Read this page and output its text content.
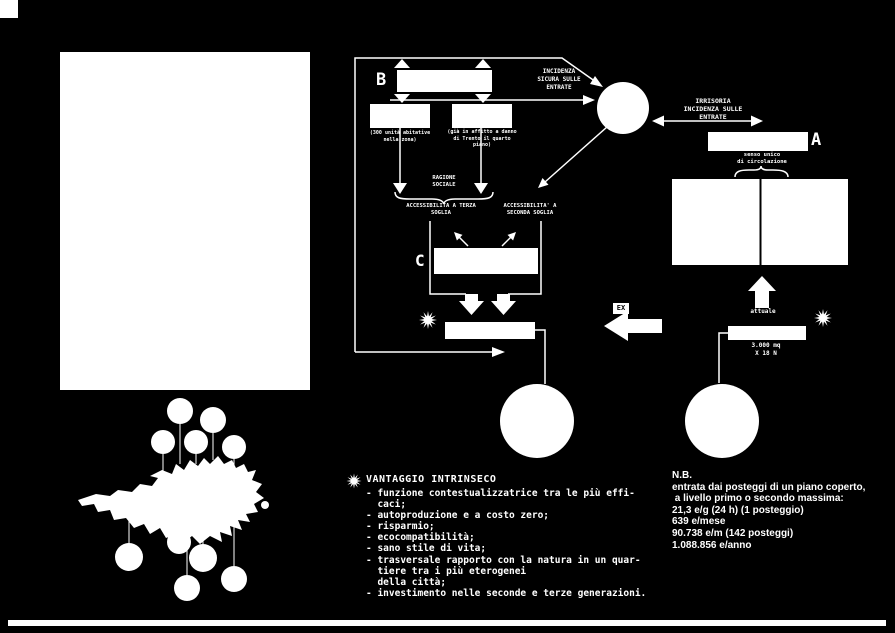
B
C
A
INCIDENZA
SICURA SULLE
ENTRATE
(300 unità abitative
nella zona)
(già in affitto a danno
di Trento il quarto
piano)
RAGIONE
SOCIALE
ACCESSIBILITA A TERZA
SOGLIA
ACCESSIBILITA' A
SECONDA SOGLIA
IRRISORIA
INCIDENZA SULLE
ENTRATE
senso unico
di circolazione
attuale
3.000 mq
X 18 N
EX
VANTAGGIO INTRINSECO
- funzione contestualizzatrice tra le più effi-
caci;
- autoproduzione e a costo zero;
- risparmio;
- ecocompatibilità;
- sano stile di vita;
- trasversale rapporto con la natura in un quar-
tiere tra i più eterogenei
della città;
- investimento nelle seconde e terze generazioni.
N.B.
entrata dai posteggi di un piano coperto,
a livello primo o secondo massima:
21,3 e/g (24 h) (1 posteggio)
639 e/mese
90.738 e/m (142 posteggi)
1.088.856 e/anno
